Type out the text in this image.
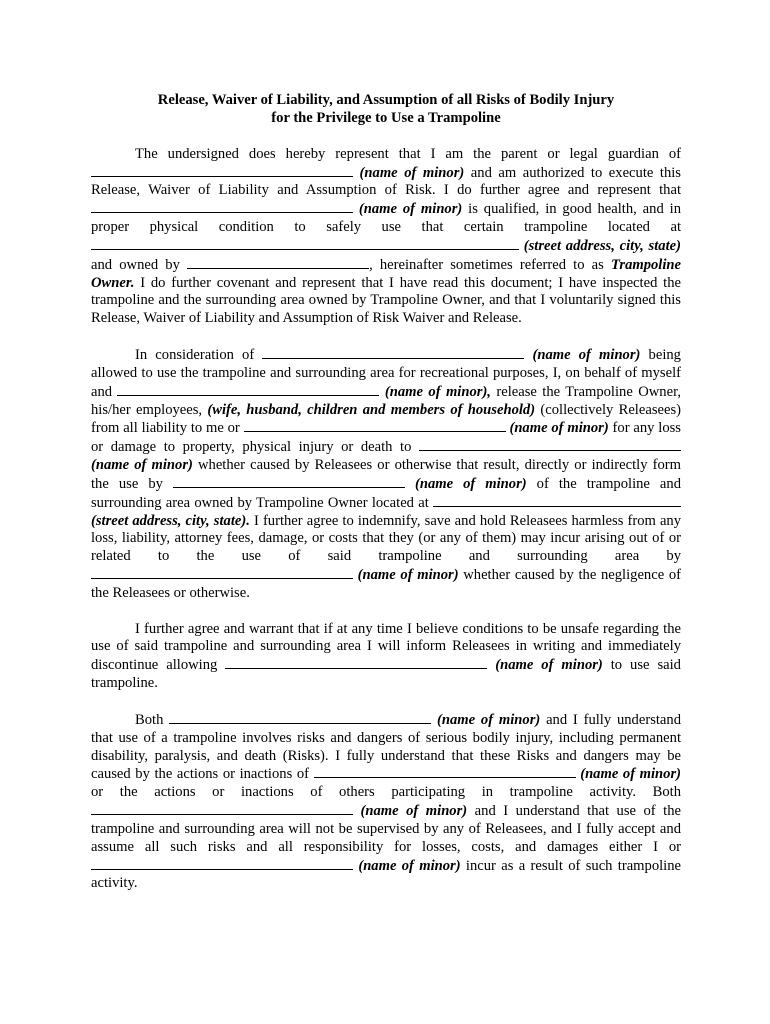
Release, Waiver of Liability, and Assumption of all Risks of Bodily Injury
for the Privilege to Use a Trampoline
The undersigned does hereby represent that I am the parent or legal guardian of  (name of minor) and am authorized to execute this Release, Waiver of Liability and Assumption of Risk. I do further agree and represent that  (name of minor) is qualified, in good health, and in proper physical condition to safely use that certain trampoline located at  (street address, city, state) and owned by	, hereinafter sometimes referred to as Trampoline Owner. I do further covenant and represent that I have read this document; I have inspected the trampoline and the surrounding area owned by Trampoline Owner, and that I voluntarily signed this Release, Waiver of Liability and Assumption of Risk Waiver and Release.
In consideration of	(name of minor) being allowed to use the trampoline and surrounding area for recreational purposes, I, on behalf of myself and	(name of minor), release the Trampoline Owner, his/her employees, (wife, husband, children and members of household) (collectively Releasees) from all liability to me or	(name of minor) for any loss or damage to property, physical injury or death to  (name of minor) whether caused by Releasees or otherwise that result, directly or indirectly form the use by	(name of minor) of the trampoline and surrounding area owned by Trampoline Owner located at  (street address, city, state). I further agree to indemnify, save and hold Releasees harmless from any loss, liability, attorney fees, damage, or costs that they (or any of them) may incur arising out of or related to the use of said trampoline and surrounding area by  (name of minor) whether caused by the negligence of the Releasees or otherwise.
I further agree and warrant that if at any time I believe conditions to be unsafe regarding the use of said trampoline and surrounding area I will inform Releasees in writing and immediately discontinue allowing	(name of minor) to use said trampoline.
Both	(name of minor) and I fully understand that use of a trampoline involves risks and dangers of serious bodily injury, including permanent disability, paralysis, and death (Risks). I fully understand that these Risks and dangers may be caused by the actions or inactions of	(name of minor) or the actions or inactions of others participating in trampoline activity. Both  (name of minor) and I understand that use of the trampoline and surrounding area will not be supervised by any of Releasees, and I fully accept and assume all such risks and all responsibility for losses, costs, and damages either I or  (name of minor) incur as a result of such trampoline activity.
